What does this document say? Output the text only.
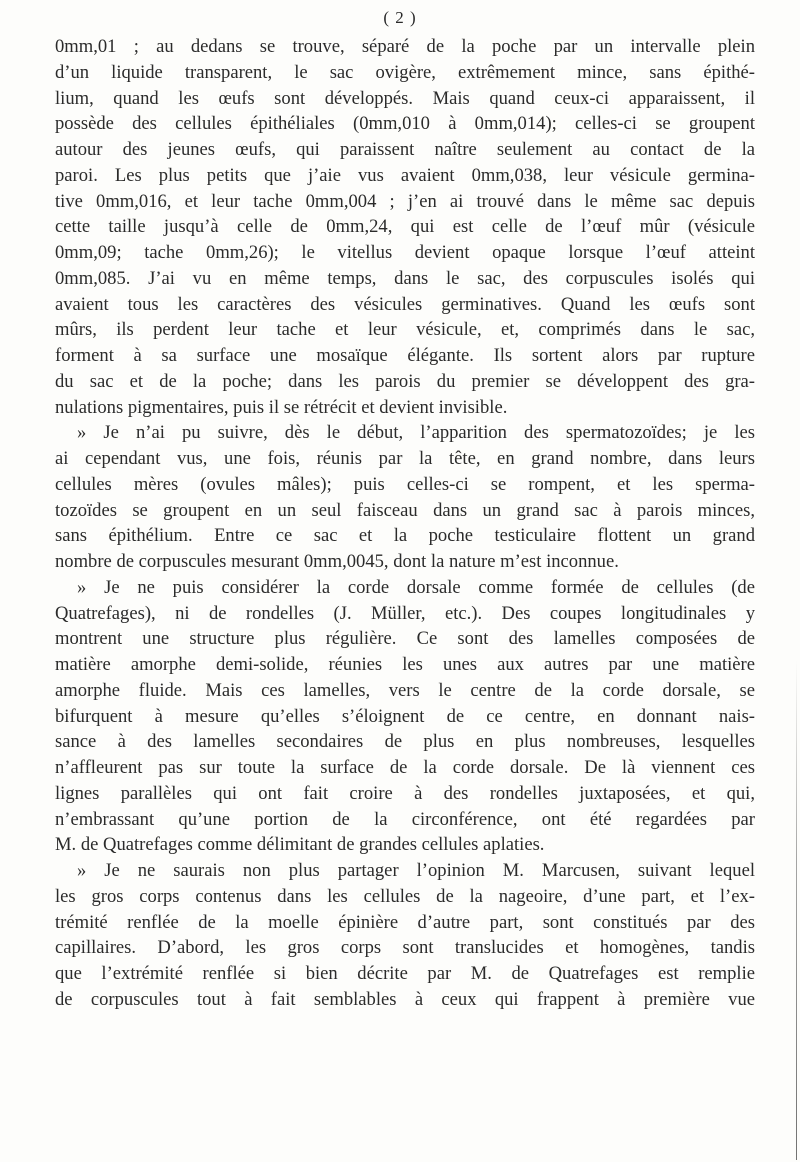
( 2 )
0mm,01 ; au dedans se trouve, séparé de la poche par un intervalle plein
d’un liquide transparent, le sac ovigère, extrêmement mince, sans épithé-
lium, quand les œufs sont développés. Mais quand ceux-ci apparaissent, il
possède des cellules épithéliales (0mm,010 à 0mm,014); celles-ci se groupent
autour des jeunes œufs, qui paraissent naître seulement au contact de la
paroi. Les plus petits que j’aie vus avaient 0mm,038, leur vésicule germina-
tive 0mm,016, et leur tache 0mm,004 ; j’en ai trouvé dans le même sac depuis
cette taille jusqu’à celle de 0mm,24, qui est celle de l’œuf mûr (vésicule
0mm,09; tache 0mm,26); le vitellus devient opaque lorsque l’œuf atteint
0mm,085. J’ai vu en même temps, dans le sac, des corpuscules isolés qui
avaient tous les caractères des vésicules germinatives. Quand les œufs sont
mûrs, ils perdent leur tache et leur vésicule, et, comprimés dans le sac,
forment à sa surface une mosaïque élégante. Ils sortent alors par rupture
du sac et de la poche; dans les parois du premier se développent des gra-
nulations pigmentaires, puis il se rétrécit et devient invisible.
» Je n’ai pu suivre, dès le début, l’apparition des spermatozoïdes; je les
ai cependant vus, une fois, réunis par la tête, en grand nombre, dans leurs
cellules mères (ovules mâles); puis celles-ci se rompent, et les sperma-
tozoïdes se groupent en un seul faisceau dans un grand sac à parois minces,
sans épithélium. Entre ce sac et la poche testiculaire flottent un grand
nombre de corpuscules mesurant 0mm,0045, dont la nature m’est inconnue.
» Je ne puis considérer la corde dorsale comme formée de cellules (de
Quatrefages), ni de rondelles (J. Müller, etc.). Des coupes longitudinales y
montrent une structure plus régulière. Ce sont des lamelles composées de
matière amorphe demi-solide, réunies les unes aux autres par une matière
amorphe fluide. Mais ces lamelles, vers le centre de la corde dorsale, se
bifurquent à mesure qu’elles s’éloignent de ce centre, en donnant nais-
sance à des lamelles secondaires de plus en plus nombreuses, lesquelles
n’affleurent pas sur toute la surface de la corde dorsale. De là viennent ces
lignes parallèles qui ont fait croire à des rondelles juxtaposées, et qui,
n’embrassant qu’une portion de la circonférence, ont été regardées par
M. de Quatrefages comme délimitant de grandes cellules aplaties.
» Je ne saurais non plus partager l’opinion M. Marcusen, suivant lequel
les gros corps contenus dans les cellules de la nageoire, d’une part, et l’ex-
trémité renflée de la moelle épinière d’autre part, sont constitués par des
capillaires. D’abord, les gros corps sont translucides et homogènes, tandis
que l’extrémité renflée si bien décrite par M. de Quatrefages est remplie
de corpuscules tout à fait semblables à ceux qui frappent à première vue
